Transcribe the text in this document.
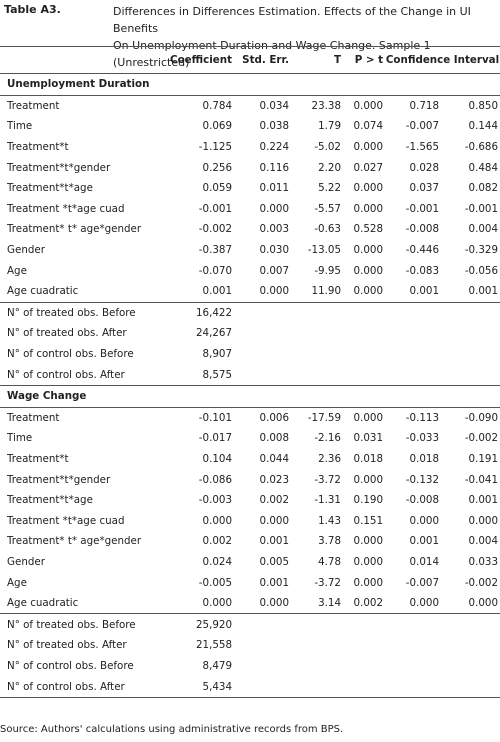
Table A3.	Differences in Differences Estimation. Effects of the Change in UI Benefits
On Unemployment Duration and Wage Change. Sample 1 (Unrestricted)
	Coefficient	Std. Err.	T	P > t	Confidence Interval	
Unemployment Duration						
Treatment	0.784	0.034	23.38	0.000	0.718	0.850
Time	0.069	0.038	1.79	0.074	-0.007	0.144
Treatment*t	-1.125	0.224	-5.02	0.000	-1.565	-0.686
Treatment*t*gender	0.256	0.116	2.20	0.027	0.028	0.484
Treatment*t*age	0.059	0.011	5.22	0.000	0.037	0.082
Treatment *t*age cuad	-0.001	0.000	-5.57	0.000	-0.001	-0.001
Treatment* t* age*gender	-0.002	0.003	-0.63	0.528	-0.008	0.004
Gender	-0.387	0.030	-13.05	0.000	-0.446	-0.329
Age	-0.070	0.007	-9.95	0.000	-0.083	-0.056
Age cuadratic	0.001	0.000	11.90	0.000	0.001	0.001
N° of treated obs. Before	16,422					
N° of treated obs. After	24,267					
N° of control obs. Before	8,907					
N° of control obs. After	8,575					
Wage Change						
Treatment	-0.101	0.006	-17.59	0.000	-0.113	-0.090
Time	-0.017	0.008	-2.16	0.031	-0.033	-0.002
Treatment*t	0.104	0.044	2.36	0.018	0.018	0.191
Treatment*t*gender	-0.086	0.023	-3.72	0.000	-0.132	-0.041
Treatment*t*age	-0.003	0.002	-1.31	0.190	-0.008	0.001
Treatment *t*age cuad	0.000	0.000	1.43	0.151	0.000	0.000
Treatment* t* age*gender	0.002	0.001	3.78	0.000	0.001	0.004
Gender	0.024	0.005	4.78	0.000	0.014	0.033
Age	-0.005	0.001	-3.72	0.000	-0.007	-0.002
Age cuadratic	0.000	0.000	3.14	0.002	0.000	0.000
N° of treated obs. Before	25,920					
N° of treated obs. After	21,558					
N° of control obs. Before	8,479					
N° of control obs. After	5,434					
Source: Authors' calculations using administrative records from BPS.
